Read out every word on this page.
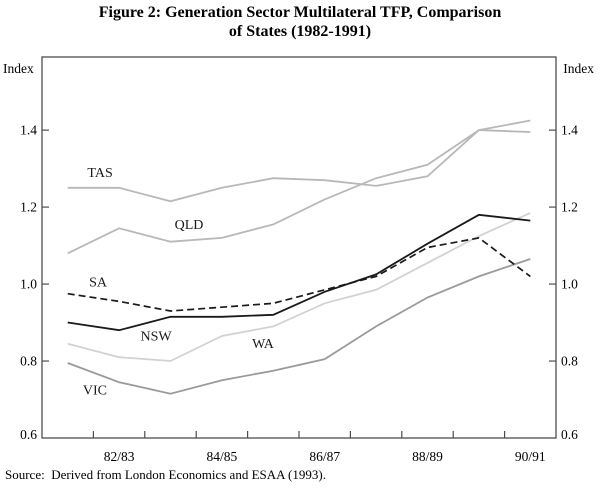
Figure 2: Generation Sector Multilateral TFP, Comparison
of States (1982-1991)
1.4	1.4
1.2	1.2
1.0	1.0
0.8	0.8
0.6	0.6
82/83	84/85	86/87	88/89	90/91
Index	Index
TAS
QLD
WA
VIC
SA
NSW
Source:  Derived from London Economics and ESAA (1993).
